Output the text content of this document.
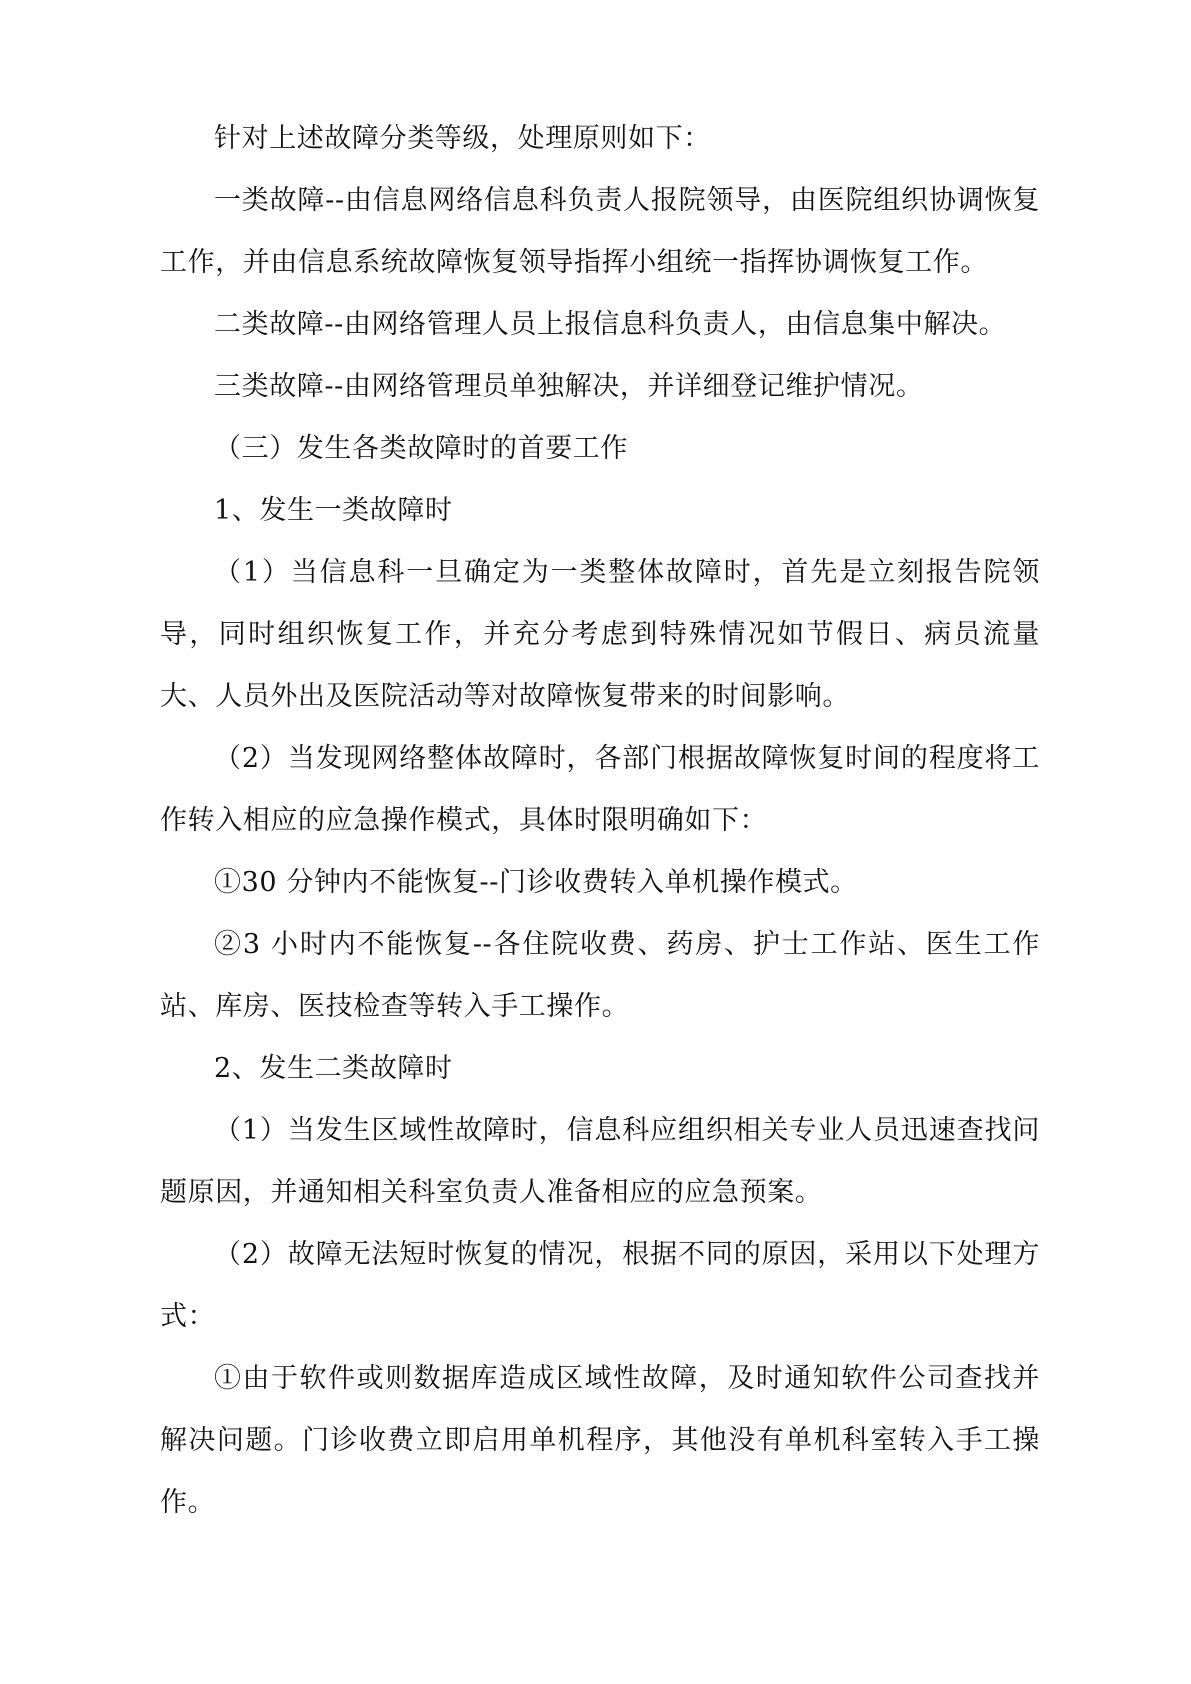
针对上述故障分类等级，处理原则如下：

一类故障--由信息网络信息科负责人报院领导，由医院组织协调恢复工作，并由信息系统故障恢复领导指挥小组统一指挥协调恢复工作。

二类故障--由网络管理人员上报信息科负责人，由信息集中解决。

三类故障--由网络管理员单独解决，并详细登记维护情况。

（三）发生各类故障时的首要工作

1、发生一类故障时

（1）当信息科一旦确定为一类整体故障时，首先是立刻报告院领导，同时组织恢复工作，并充分考虑到特殊情况如节假日、病员流量大、人员外出及医院活动等对故障恢复带来的时间影响。

（2）当发现网络整体故障时，各部门根据故障恢复时间的程度将工作转入相应的应急操作模式，具体时限明确如下：

①30 分钟内不能恢复--门诊收费转入单机操作模式。

②3 小时内不能恢复--各住院收费、药房、护士工作站、医生工作站、库房、医技检查等转入手工操作。

2、发生二类故障时

（1）当发生区域性故障时，信息科应组织相关专业人员迅速查找问题原因，并通知相关科室负责人准备相应的应急预案。

（2）故障无法短时恢复的情况，根据不同的原因，采用以下处理方式：

①由于软件或则数据库造成区域性故障，及时通知软件公司查找并解决问题。门诊收费立即启用单机程序，其他没有单机科室转入手工操作。
